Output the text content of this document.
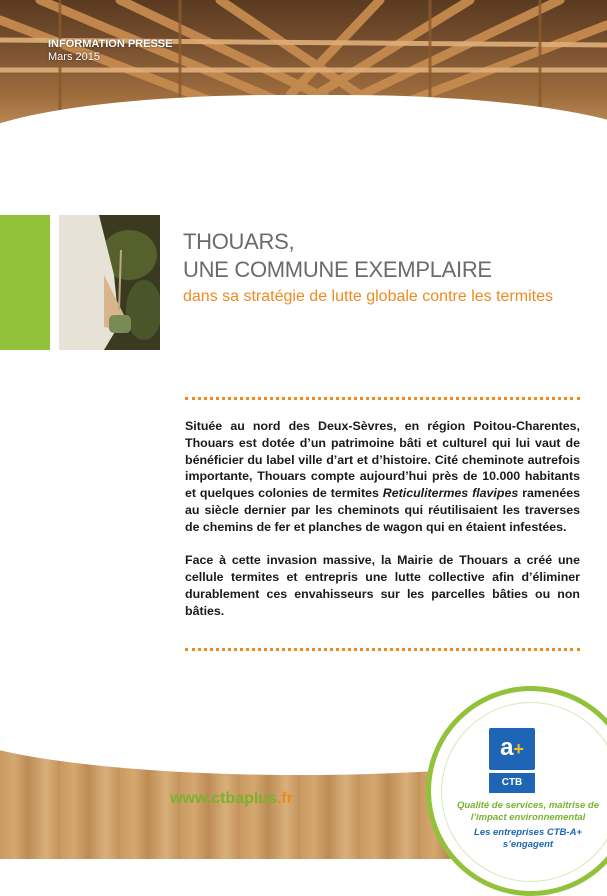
INFORMATION PRESSE
Mars 2015
THOUARS,
UNE COMMUNE EXEMPLAIRE
dans sa stratégie de lutte globale contre les termites

Située au nord des Deux-Sèvres, en région Poitou-Charentes, Thouars est dotée d’un patrimoine bâti et culturel qui lui vaut de bénéficier du label ville d’art et d’histoire. Cité cheminote autrefois importante, Thouars compte aujourd’hui près de 10.000 habitants et quelques colonies de termites Reticulitermes flavipes ramenées au siècle dernier par les cheminots qui réutilisaient les traverses de chemins de fer et planches de wagon qui en étaient infestées.

Face à cette invasion massive, la Mairie de Thouars a créé une cellule termites et entrepris une lutte collective afin d’éliminer durablement ces envahisseurs sur les parcelles bâties ou non bâties.

www.ctbaplus.fr
a+
CTB
Qualité de services, maîtrise de l’impact environnemental
Les entreprises CTB-A+ s’engagent
